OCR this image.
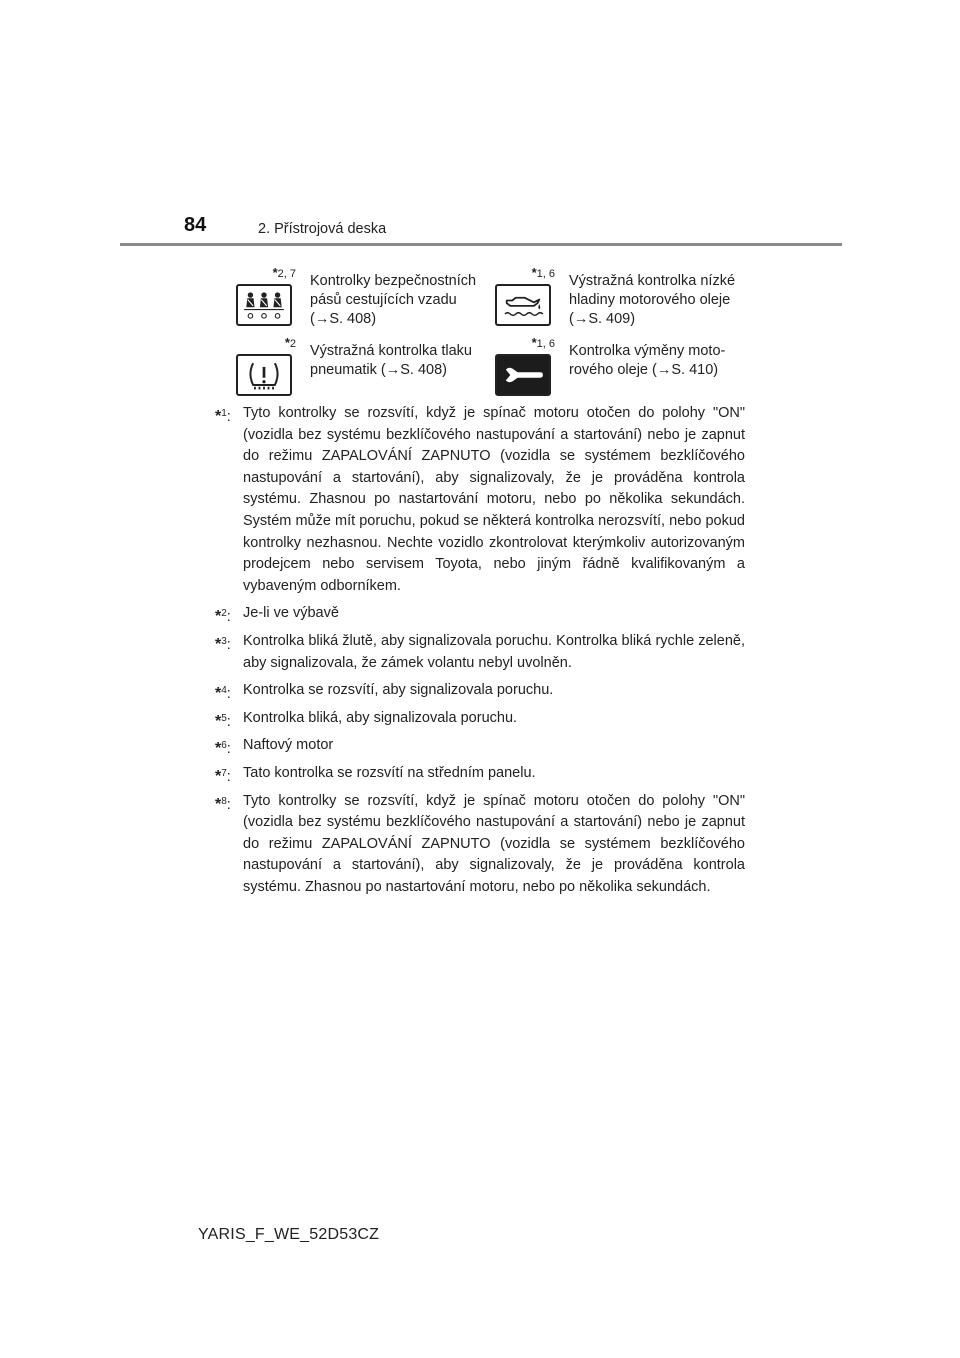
84	2. Přístrojová deska
*2, 7 Kontrolky bezpečnostních
pásů cestujících vzadu
(→S. 408)
*1, 6 Výstražná kontrolka nízké
hladiny motorového oleje
(→S. 409)
*2 Výstražná kontrolka tlaku
pneumatik (→S. 408)
*1, 6 Kontrolka výměny moto-
rového oleje (→S. 410)
*$^1$: Tyto kontrolky se rozsvítí, když je spínač motoru otočen do polohy "ON" (vozidla bez systému bezklíčového nastupování a startování) nebo je zapnut do režimu ZAPALOVÁNÍ ZAPNUTO (vozidla se systémem bezklíčového nastupování a startování), aby signalizovaly, že je prováděna kontrola systému. Zhasnou po nastartování motoru, nebo po několika sekundách. Systém může mít poruchu, pokud se některá kontrolka nerozsvítí, nebo pokud kontrolky nezhasnou. Nechte vozidlo zkontrolovat kterýmkoliv autorizovaným prodejcem nebo servisem Toyota, nebo jiným řádně kvalifikovaným a vybaveným odborníkem.
*$^2$: Je-li ve výbavě
*$^3$: Kontrolka bliká žlutě, aby signalizovala poruchu. Kontrolka bliká rychle zeleně, aby signalizovala, že zámek volantu nebyl uvolněn.
*$^4$: Kontrolka se rozsvítí, aby signalizovala poruchu.
*$^5$: Kontrolka bliká, aby signalizovala poruchu.
*$^6$: Naftový motor
*$^7$: Tato kontrolka se rozsvítí na středním panelu.
*$^8$: Tyto kontrolky se rozsvítí, když je spínač motoru otočen do polohy "ON" (vozidla bez systému bezklíčového nastupování a startování) nebo je zapnut do režimu ZAPALOVÁNÍ ZAPNUTO (vozidla se systémem bezklíčového nastupování a startování), aby signalizovaly, že je prováděna kontrola systému. Zhasnou po nastartování motoru, nebo po několika sekundách.
YARIS_F_WE_52D53CZ
